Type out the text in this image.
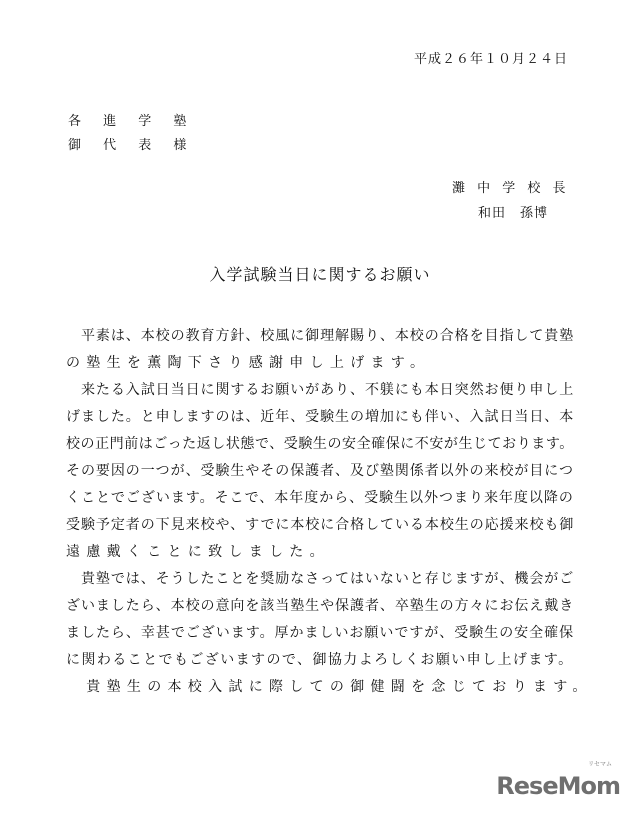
平成２６年１０月２４日
各 進 学 塾
御 代 表 様
灘 中 学 校 長
和田　孫博
入学試験当日に関するお願い
　平素は、本校の教育方針、校風に御理解賜り、本校の合格を目指して貴塾
の塾生を薫陶下さり感謝申し上げます。
　来たる入試日当日に関するお願いがあり、不躾にも本日突然お便り申し上
げました。と申しますのは、近年、受験生の増加にも伴い、入試日当日、本
校の正門前はごった返し状態で、受験生の安全確保に不安が生じております。
その要因の一つが、受験生やその保護者、及び塾関係者以外の来校が目につ
くことでございます。そこで、本年度から、受験生以外つまり来年度以降の
受験予定者の下見来校や、すでに本校に合格している本校生の応援来校も御
遠慮戴くことに致しました。
　貴塾では、そうしたことを奨励なさってはいないと存じますが、機会がご
ざいましたら、本校の意向を該当塾生や保護者、卒塾生の方々にお伝え戴き
ましたら、幸甚でございます。厚かましいお願いですが、受験生の安全確保
に関わることでもございますので、御協力よろしくお願い申し上げます。
　貴塾生の本校入試に際しての御健闘を念じております。
リセマム
ReseMom
